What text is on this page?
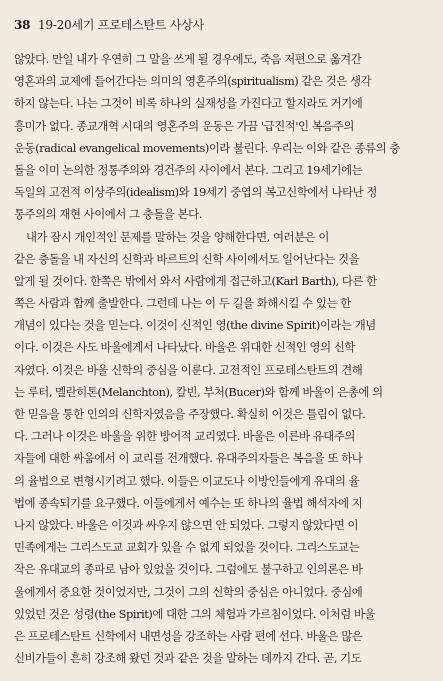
38 19-20세기 프로테스탄트 사상사
않았다. 만일 내가 우연히 그 말을 쓰게 될 경우에도, 죽음 저편으로 옮겨간
영혼과의 교제에 들어간다는 의미의 영혼주의(spiritualism) 같은 것은 생각
하지 않는다. 나는 그것이 비록 하나의 실재성을 가진다고 할지라도 거기에
흥미가 없다. 종교개혁 시대의 영혼주의 운동은 가끔 '급진적'인 복음주의
운동(radical evangelical movements)이라 불린다. 우리는 이와 같은 종류의 충
돌을 이미 논의한 정통주의와 경건주의 사이에서 본다. 그리고 19세기에는
독일의 고전적 이상주의(idealism)와 19세기 중엽의 복고신학에서 나타난 정
통주의의 재현 사이에서 그 충돌을 본다.
내가 잠시 개인적인 문제를 말하는 것을 양해한다면, 여러분은 이
같은 충돌을 내 자신의 신학과 바르트의 신학 사이에서도 일어난다는 것을
알게 될 것이다. 한쪽은 밖에서 와서 사람에게 접근하고(Karl Barth), 다른 한
쪽은 사람과 함께 출발한다. 그런데 나는 이 두 길을 화해시킬 수 있는 한
개념이 있다는 것을 믿는다. 이것이 신적인 영(the divine Spirit)이라는 개념
이다. 이것은 사도 바울에게서 나타났다. 바울은 위대한 신적인 영의 신학
자였다. 이것은 바울 신학의 중심을 이룬다. 고전적인 프로테스탄트의 견해
는 루터, 멜란히톤(Melanchton), 칼빈, 부처(Bucer)와 함께 바울이 은총에 의
한 믿음을 통한 인의의 신학자였음을 주장했다. 확실히 이것은 틀림이 없다.
다. 그러나 이것은 바울을 위한 방어적 교리였다. 바울은 이른바 유대주의
자들에 대한 싸움에서 이 교리를 전개했다. 유대주의자들은 복음을 또 하나
의 율법으로 변형시키려고 했다. 이들은 이교도나 이방인들에게 유대의 율
법에 종속되기를 요구했다. 이들에게서 예수는 또 하나의 율법 해석자에 지
나지 않았다. 바울은 이것과 싸우지 않으면 안 되었다. 그렇지 않았다면 이
민족에게는 그리스도교 교회가 있을 수 없게 되었을 것이다. 그리스도교는
작은 유대교의 종파로 남아 있었을 것이다. 그럼에도 불구하고 인의론은 바
울에게서 중요한 것이었지만, 그것이 그의 신학의 중심은 아니었다. 중심에
있었던 것은 성령(the Spirit)에 대한 그의 체험과 가르침이었다. 이처럼 바울
은 프로테스탄트 신학에서 내면성을 강조하는 사람 편에 선다. 바울은 많은
신비가들이 흔히 강조해 왔던 것과 같은 것을 말하는 데까지 간다. 곧, 기도
